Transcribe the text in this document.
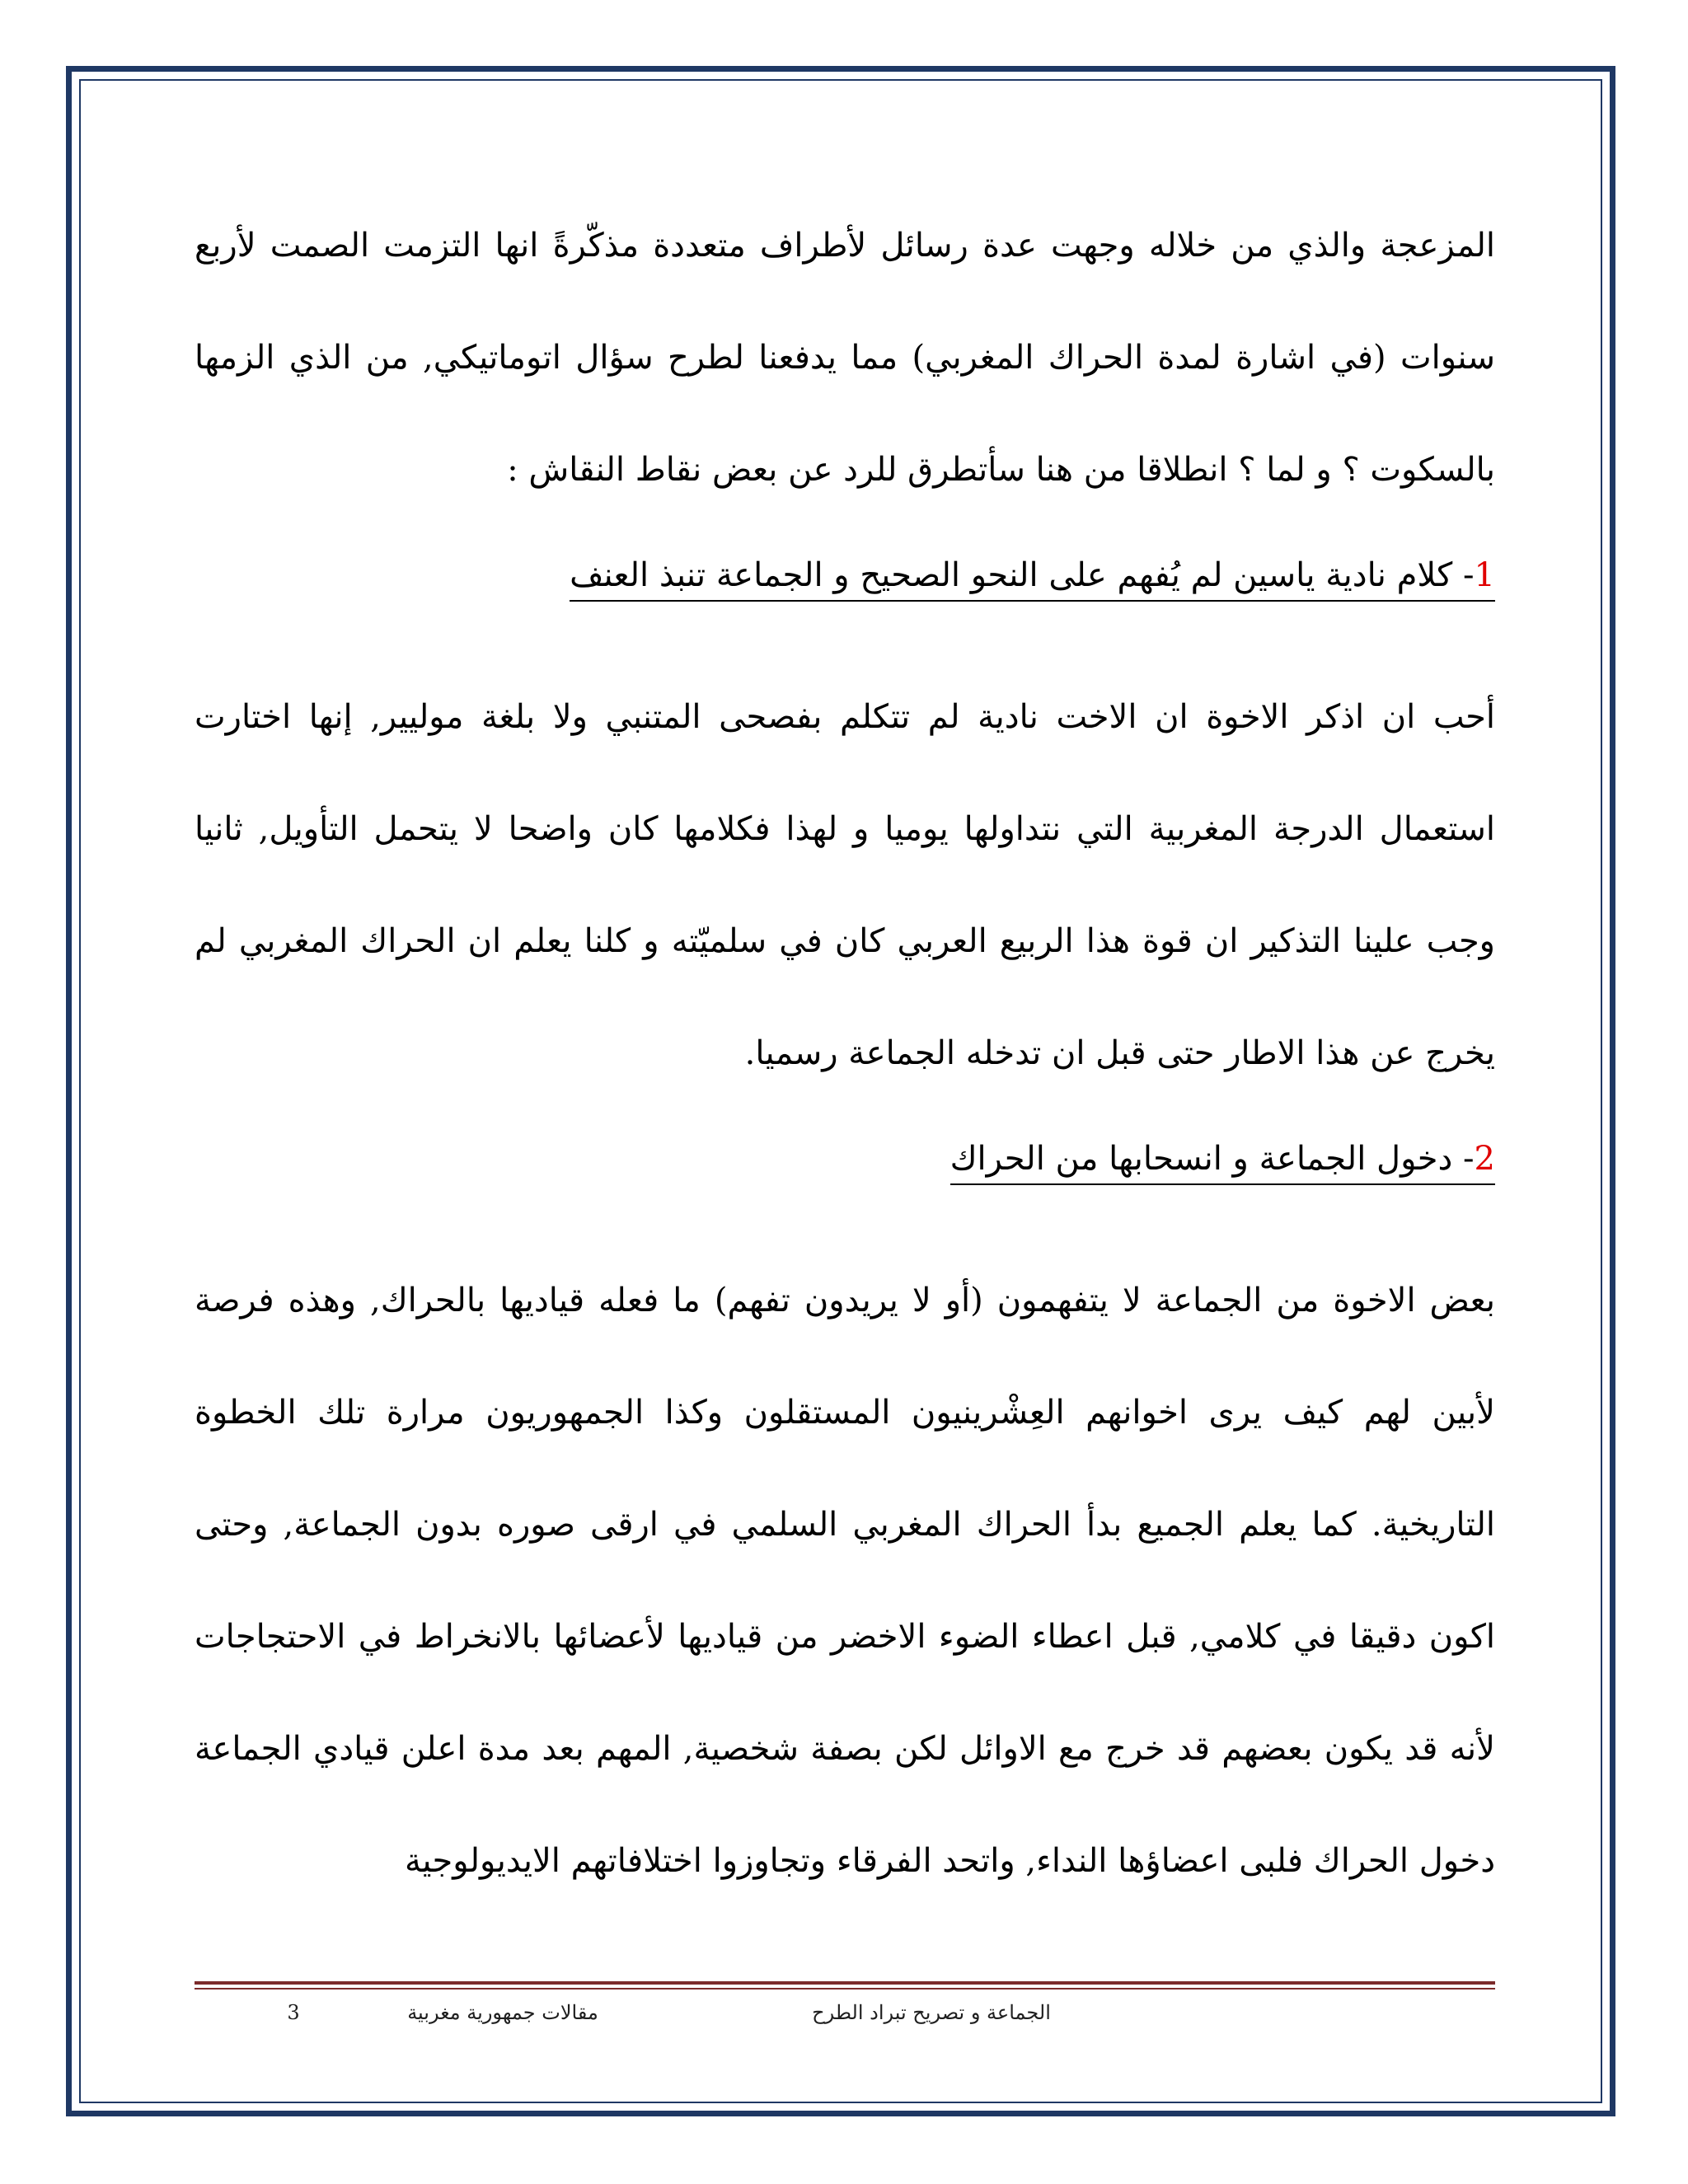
المزعجة والذي من خلاله وجهت عدة رسائل لأطراف متعددة مذكّرةً انها التزمت الصمت لأربع سنوات (في اشارة لمدة الحراك المغربي) مما يدفعنا لطرح سؤال اتوماتيكي, من الذي الزمها بالسكوت ؟ و لما ؟ انطلاقا من هنا سأتطرق للرد عن بعض نقاط النقاش :

1- كلام نادية ياسين لم يُفهم على النحو الصحيح و الجماعة تنبذ العنف

أحب ان اذكر الاخوة ان الاخت نادية لم تتكلم بفصحى المتنبي ولا بلغة موليير, إنها اختارت استعمال الدرجة المغربية التي نتداولها يوميا و لهذا فكلامها كان واضحا لا يتحمل التأويل, ثانيا وجب علينا التذكير ان قوة هذا الربيع العربي كان في سلميّته و كلنا يعلم ان الحراك المغربي لم يخرج عن هذا الاطار حتى قبل ان تدخله الجماعة رسميا.

2- دخول الجماعة و انسحابها من الحراك

بعض الاخوة من الجماعة لا يتفهمون (أو لا يريدون تفهم) ما فعله قياديها بالحراك, وهذه فرصة لأبين لهم كيف يرى اخوانهم العِشْرينيون المستقلون وكذا الجمهوريون مرارة تلك الخطوة التاريخية. كما يعلم الجميع بدأ الحراك المغربي السلمي في ارقى صوره بدون الجماعة, وحتى اكون دقيقا في كلامي, قبل اعطاء الضوء الاخضر من قياديها لأعضائها بالانخراط في الاحتجاجات لأنه قد يكون بعضهم قد خرج مع الاوائل لكن بصفة شخصية, المهم بعد مدة اعلن قيادي الجماعة دخول الحراك فلبى اعضاؤها النداء, واتحد الفرقاء وتجاوزوا اختلافاتهم الايديولوجية

الجماعة و تصريح تبراد الطرح
مقالات جمهورية مغربية
3
